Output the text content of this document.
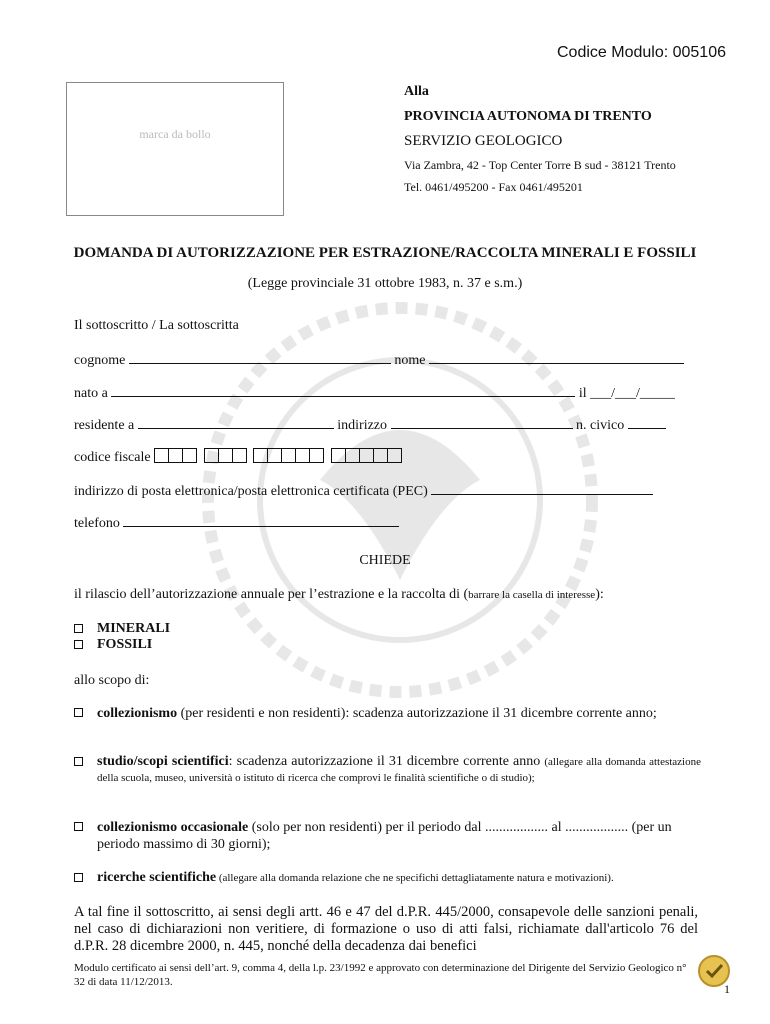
Codice Modulo: 005106
marca da bollo
Alla
PROVINCIA AUTONOMA DI TRENTO
SERVIZIO GEOLOGICO
Via Zambra, 42 - Top Center Torre B sud - 38121 Trento
Tel. 0461/495200 - Fax 0461/495201
DOMANDA DI AUTORIZZAZIONE PER ESTRAZIONE/RACCOLTA MINERALI E FOSSILI
(Legge provinciale 31 ottobre 1983, n. 37 e s.m.)
Il sottoscritto / La sottoscritta
cognome	nome
nato a	il ___/___/_____
residente a	indirizzo	n. civico
codice fiscale
indirizzo di posta elettronica/posta elettronica certificata (PEC)
telefono
CHIEDE
il rilascio dell’autorizzazione annuale per l’estrazione e la raccolta di (barrare la casella di interesse):
MINERALI
FOSSILI
allo scopo di:
collezionismo (per residenti e non residenti): scadenza autorizzazione il 31 dicembre corrente anno;
studio/scopi scientifici: scadenza autorizzazione il 31 dicembre corrente anno (allegare alla domanda attestazione della scuola, museo, università o istituto di ricerca che comprovi le finalità scientifiche o di studio);
collezionismo occasionale (solo per non residenti) per il periodo dal .................. al .................. (per un periodo massimo di 30 giorni);
ricerche scientifiche (allegare alla domanda relazione che ne specifichi dettagliatamente natura e motivazioni).
A tal fine il sottoscritto, ai sensi degli artt. 46 e 47 del d.P.R. 445/2000, consapevole delle sanzioni penali, nel caso di dichiarazioni non veritiere, di formazione o uso di atti falsi, richiamate dall'articolo 76 del d.P.R. 28 dicembre 2000, n. 445, nonché della decadenza dai benefici
Modulo certificato ai sensi dell’art. 9, comma 4, della l.p. 23/1992 e approvato con determinazione del Dirigente del Servizio Geologico n° 32 di data 11/12/2013.	1
